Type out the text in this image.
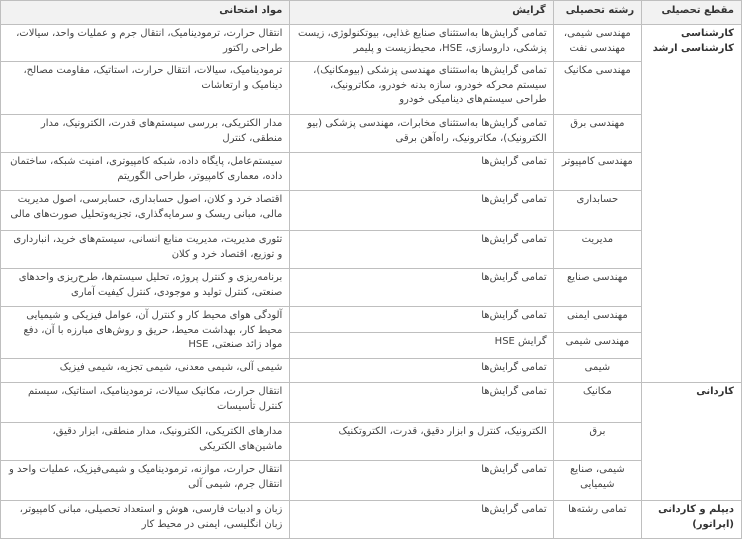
مقطع تحصیلی	رشته تحصیلی	گرایش	مواد امتحانی
کارشناسی کارشناسی ارشد	مهندسی شیمی، مهندسی نفت	تمامی گرایش‌ها به‌استثنای صنایع غذایی، بیوتکنولوژی، زیست پزشکی، داروسازی، HSE، محیط‌زیست و پلیمر	انتقال حرارت، ترمودینامیک، انتقال جرم و عملیات واحد، سیالات، طراحی راکتور
	مهندسی مکانیک	تمامی گرایش‌ها به‌استثنای مهندسی پزشکی (بیومکانیک)، سیستم محرکه خودرو، سازه بدنه خودرو، مکاترونیک، طراحی سیستم‌های دینامیکی خودرو	ترمودینامیک، سیالات، انتقال حرارت، استاتیک، مقاومت مصالح، دینامیک و ارتعاشات
	مهندسی برق	تمامی گرایش‌ها به‌استثنای مخابرات، مهندسی پزشکی (بیو الکترونیک)، مکاترونیک، راه‌آهن برقی	مدار الکتریکی، بررسی سیستم‌های قدرت، الکترونیک، مدار منطقی، کنترل
	مهندسی کامپیوتر	تمامی گرایش‌ها	سیستم‌عامل، پایگاه داده، شبکه کامپیوتری، امنیت شبکه، ساختمان داده، معماری کامپیوتر، طراحی الگوریتم
	حسابداری	تمامی گرایش‌ها	اقتصاد خرد و کلان، اصول حسابداری، حسابرسی، اصول مدیریت مالی، مبانی ریسک و سرمایه‌گذاری، تجزیه‌وتحلیل صورت‌های مالی
	مدیریت	تمامی گرایش‌ها	تئوری مدیریت، مدیریت منابع انسانی، سیستم‌های خرید، انبارداری و توزیع، اقتصاد خرد و کلان
	مهندسی صنایع	تمامی گرایش‌ها	برنامه‌ریزی و کنترل پروژه، تحلیل سیستم‌ها، طرح‌ریزی واحدهای صنعتی، کنترل تولید و موجودی، کنترل کیفیت آماری
	مهندسی ایمنی	تمامی گرایش‌ها	آلودگی هوای محیط کار و کنترل آن، عوامل فیزیکی و شیمیایی محیط کار، بهداشت محیط، حریق و روش‌های مبارزه با آن، دفع مواد زائد صنعتی، HSE
	مهندسی شیمی	گرایش HSE	
	شیمی	تمامی گرایش‌ها	شیمی آلی، شیمی معدنی، شیمی تجزیه، شیمی فیزیک
کاردانی	مکانیک	تمامی گرایش‌ها	انتقال حرارت، مکانیک سیالات، ترمودینامیک، استاتیک، سیستم کنترل تأسیسات
	برق	الکترونیک، کنترل و ابزار دقیق، قدرت، الکتروتکنیک	مدارهای الکتریکی، الکترونیک، مدار منطقی، ابزار دقیق، ماشین‌های الکتریکی
	شیمی، صنایع شیمیایی	تمامی گرایش‌ها	انتقال حرارت، موازنه، ترمودینامیک و شیمی‌فیزیک، عملیات واحد و انتقال جرم، شیمی آلی
دیپلم و کاردانی (اپراتور)	تمامی رشته‌ها	تمامی گرایش‌ها	زبان و ادبیات فارسی، هوش و استعداد تحصیلی، مبانی کامپیوتر، زبان انگلیسی، ایمنی در محیط کار
